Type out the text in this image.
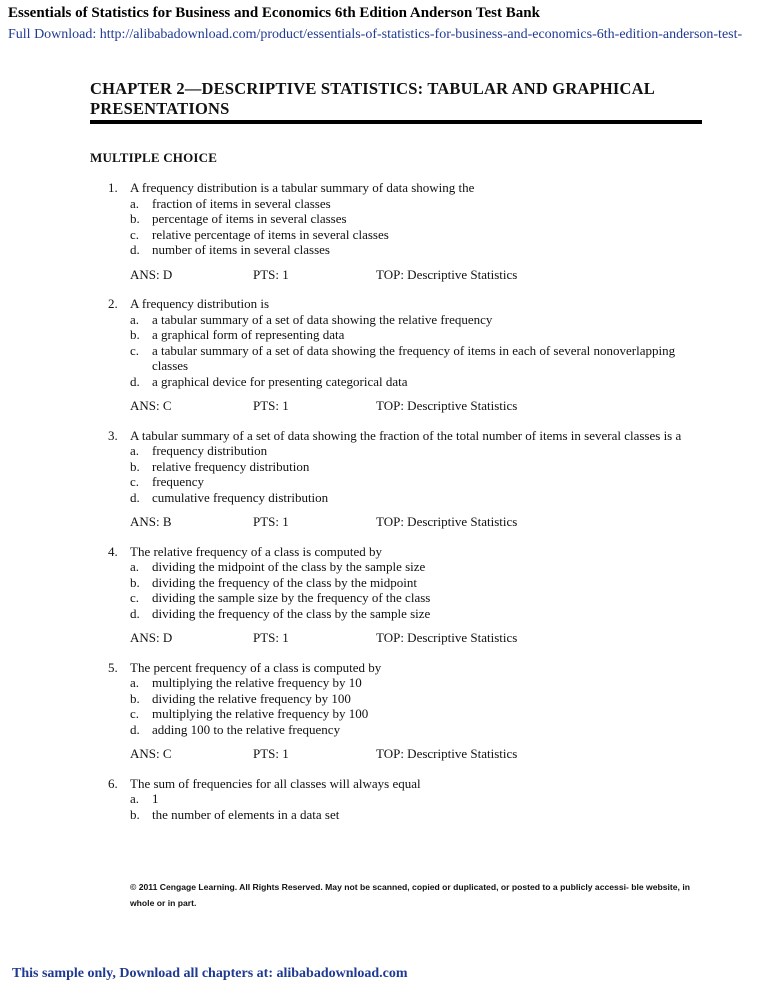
Essentials of Statistics for Business and Economics 6th Edition Anderson Test Bank
Full Download: http://alibabadownload.com/product/essentials-of-statistics-for-business-and-economics-6th-edition-anderson-test-
CHAPTER 2—DESCRIPTIVE STATISTICS: TABULAR AND GRAPHICAL PRESENTATIONS
MULTIPLE CHOICE
1. A frequency distribution is a tabular summary of data showing the
a. fraction of items in several classes
b. percentage of items in several classes
c. relative percentage of items in several classes
d. number of items in several classes
ANS: D	PTS: 1	TOP: Descriptive Statistics
2. A frequency distribution is
a. a tabular summary of a set of data showing the relative frequency
b. a graphical form of representing data
c. a tabular summary of a set of data showing the frequency of items in each of several nonoverlapping classes
d. a graphical device for presenting categorical data
ANS: C	PTS: 1	TOP: Descriptive Statistics
3. A tabular summary of a set of data showing the fraction of the total number of items in several classes is a
a. frequency distribution
b. relative frequency distribution
c. frequency
d. cumulative frequency distribution
ANS: B	PTS: 1	TOP: Descriptive Statistics
4. The relative frequency of a class is computed by
a. dividing the midpoint of the class by the sample size
b. dividing the frequency of the class by the midpoint
c. dividing the sample size by the frequency of the class
d. dividing the frequency of the class by the sample size
ANS: D	PTS: 1	TOP: Descriptive Statistics
5. The percent frequency of a class is computed by
a. multiplying the relative frequency by 10
b. dividing the relative frequency by 100
c. multiplying the relative frequency by 100
d. adding 100 to the relative frequency
ANS: C	PTS: 1	TOP: Descriptive Statistics
6. The sum of frequencies for all classes will always equal
a. 1
b. the number of elements in a data set
© 2011 Cengage Learning. All Rights Reserved. May not be scanned, copied or duplicated, or posted to a publicly accessi- ble website, in whole or in part.
This sample only, Download all chapters at: alibabadownload.com
